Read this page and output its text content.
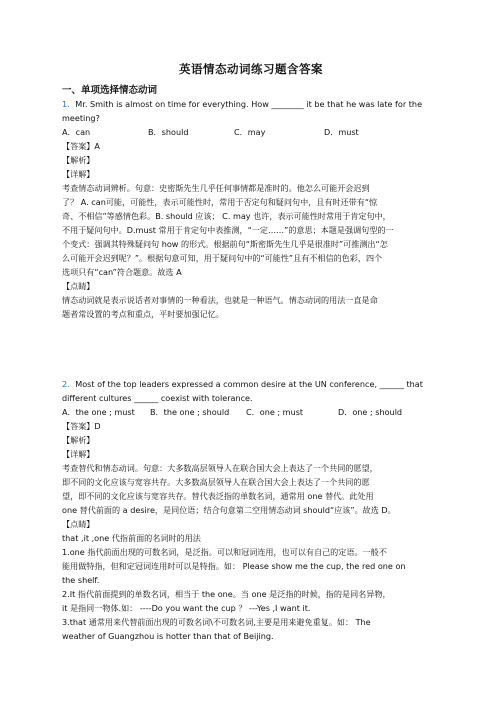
英语情态动词练习题含答案
一、单项选择情态动词
1．Mr. Smith is almost on time for everything. How ________ it be that he was late for the
meeting?
A．can	B．should	C．may	D．must
【答案】A
【解析】
【详解】
考查情态动词辨析。句意：史密斯先生几乎任何事情都是准时的。他怎么可能开会迟到
了？ A. can可能，可能性，表示可能性时，常用于否定句和疑问句中，且有时还带有“惊
奇、不相信”等感情色彩。B. should 应该； C. may 也许，表示可能性时常用于肯定句中，
不用于疑问句中。D.must 常用于肯定句中表推测，“一定……”的意思；本题是强调句型的一
个变式：强调其特殊疑问句 how 的形式。根据前句“斯密斯先生几乎是很准时”可推测出“怎
么可能开会迟到呢？”。根据句意可知，用于疑问句中的“可能性”且有不相信的色彩，四个
选项只有“can”符合题意。故选 A
【点睛】
情态动词就是表示说话者对事情的一种看法，也就是一种语气。情态动词的用法一直是命
题者常设置的考点和重点，平时要加强记忆。
2．Most of the top leaders expressed a common desire at the UN conference, ______ that
different cultures ______ coexist with tolerance.
A．the one ; must	B．the one ; should	C．one ; must	D．one ; should
【答案】D
【解析】
【详解】
考查替代和情态动词。句意：大多数高层领导人在联合国大会上表达了一个共同的愿望，
即不同的文化应该与宽容共存。大多数高层领导人在联合国大会上表达了一个共同的愿
望，即不同的文化应该与宽容共存。替代表泛指的单数名词，通常用 one 替代。此处用
one 替代前面的 a desire，是同位语；结合句意第二空用情态动词 should“应该”。故选 D。
【点睛】
that ,it ,one 代指前面的名词时的用法
1.one 指代前面出现的可数名词，是泛指。可以和冠词连用，也可以有自己的定语。一般不
能用做特指，但和定冠词连用时可以是特指。如： Please show me the cup, the red one on
the shelf.
2.It 指代前面提到的单数名词，相当于 the one。当 one 是泛指的时候，指的是同名异物，
it 是指同一物体.如： ----Do you want the cup ？ ---Yes ,I want it.
3.that 通常用来代替前面出现的可数名词\不可数名词,主要是用来避免重复。如： The
weather of Guangzhou is hotter than that of Beijing.
